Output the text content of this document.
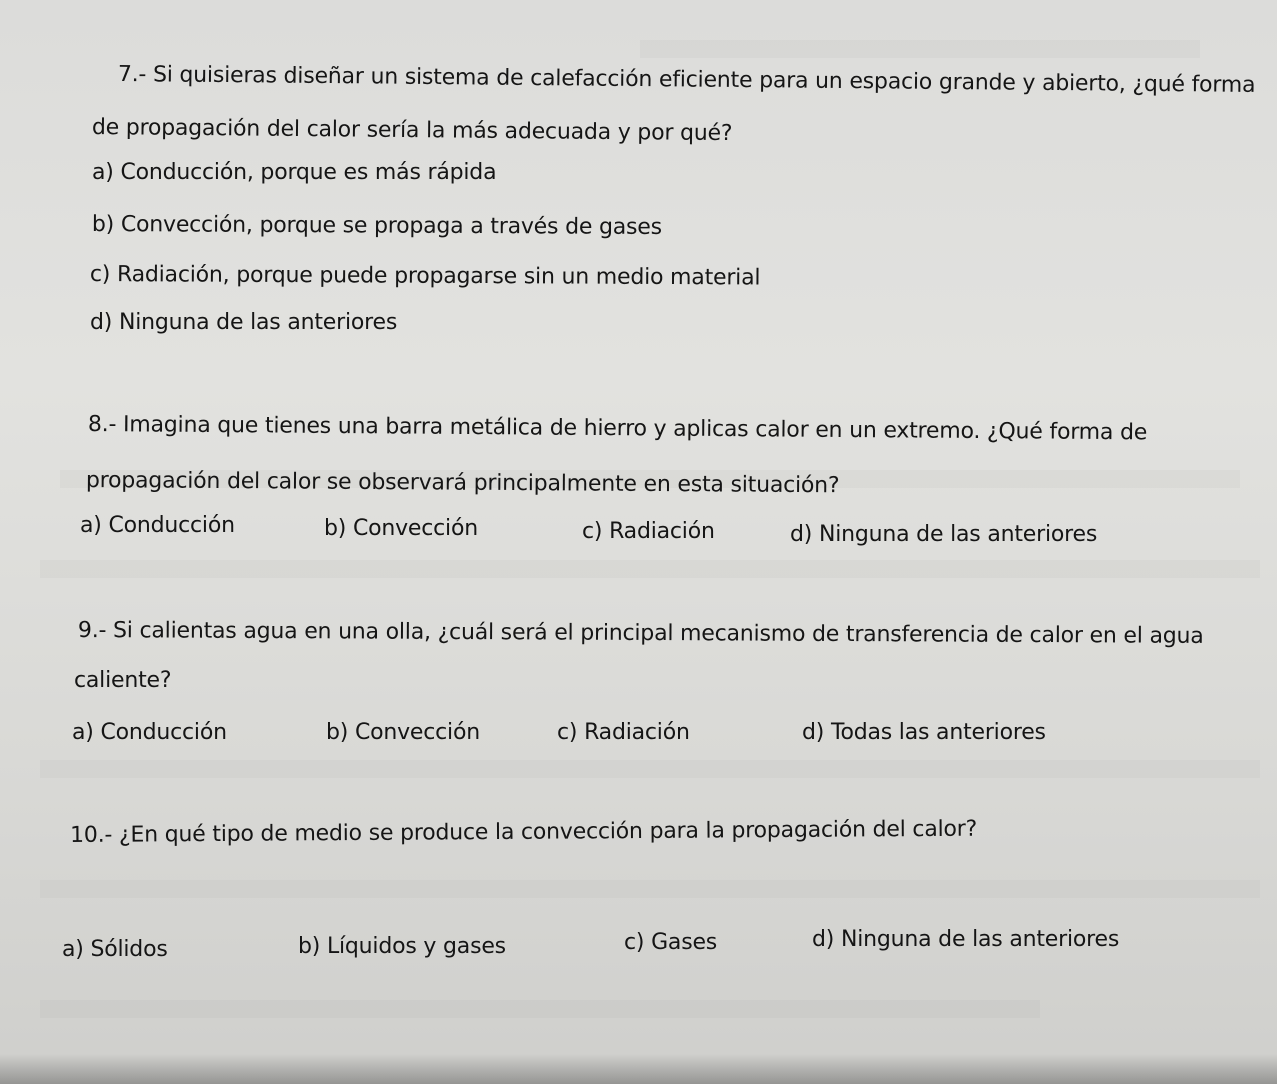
7.- Si quisieras diseñar un sistema de calefacción eficiente para un espacio grande y abierto, ¿qué forma
de propagación del calor sería la más adecuada y por qué?
a) Conducción, porque es más rápida
b) Convección, porque se propaga a través de gases
c) Radiación, porque puede propagarse sin un medio material
d) Ninguna de las anteriores
8.- Imagina que tienes una barra metálica de hierro y aplicas calor en un extremo. ¿Qué forma de
propagación del calor se observará principalmente en esta situación?
a) Conducción	b) Convección	c) Radiación	d) Ninguna de las anteriores
9.- Si calientas agua en una olla, ¿cuál será el principal mecanismo de transferencia de calor en el agua
caliente?
a) Conducción	b) Convección	c) Radiación	d) Todas las anteriores
10.- ¿En qué tipo de medio se produce la convección para la propagación del calor?
a) Sólidos	b) Líquidos y gases	c) Gases	d) Ninguna de las anteriores
